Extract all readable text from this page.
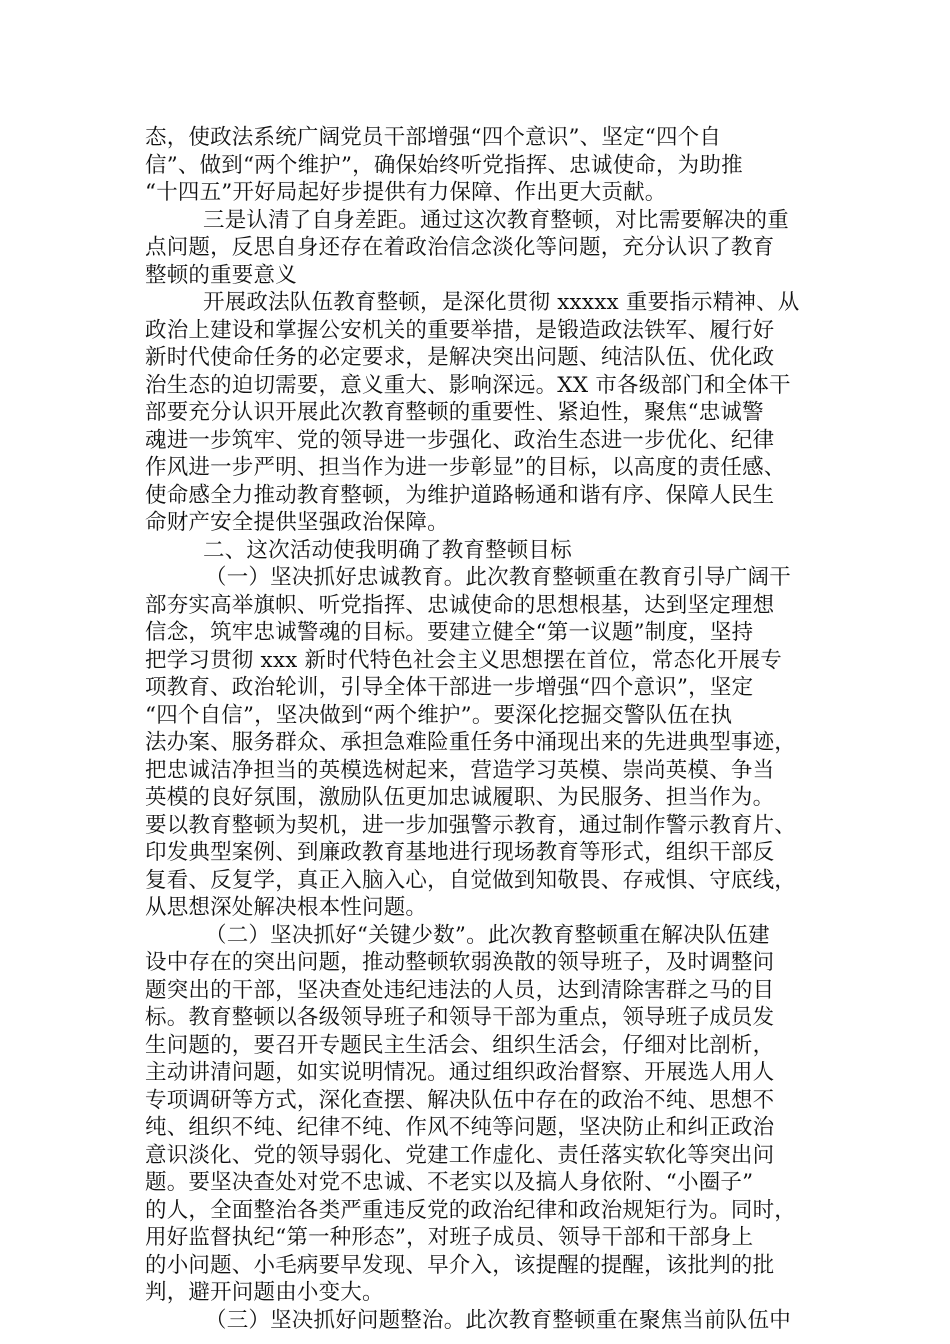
态，使政法系统广阔党员干部增强“四个意识”、坚定“四个自
信”、做到“两个维护”，确保始终听党指挥、忠诚使命，为助推
“十四五”开好局起好步提供有力保障、作出更大贡献。
三是认清了自身差距。通过这次教育整顿，对比需要解决的重
点问题，反思自身还存在着政治信念淡化等问题，充分认识了教育
整顿的重要意义
开展政法队伍教育整顿，是深化贯彻 xxxxx 重要指示精神、从
政治上建设和掌握公安机关的重要举措，是锻造政法铁军、履行好
新时代使命任务的必定要求，是解决突出问题、纯洁队伍、优化政
治生态的迫切需要，意义重大、影响深远。XX 市各级部门和全体干
部要充分认识开展此次教育整顿的重要性、紧迫性，聚焦“忠诚警
魂进一步筑牢、党的领导进一步强化、政治生态进一步优化、纪律
作风进一步严明、担当作为进一步彰显”的目标，以高度的责任感、
使命感全力推动教育整顿，为维护道路畅通和谐有序、保障人民生
命财产安全提供坚强政治保障。
二、这次活动使我明确了教育整顿目标
（一）坚决抓好忠诚教育。此次教育整顿重在教育引导广阔干
部夯实高举旗帜、听党指挥、忠诚使命的思想根基，达到坚定理想
信念，筑牢忠诚警魂的目标。要建立健全“第一议题”制度，坚持
把学习贯彻 xxx 新时代特色社会主义思想摆在首位，常态化开展专
项教育、政治轮训，引导全体干部进一步增强“四个意识”，坚定
“四个自信”，坚决做到“两个维护”。要深化挖掘交警队伍在执
法办案、服务群众、承担急难险重任务中涌现出来的先进典型事迹，
把忠诚洁净担当的英模选树起来，营造学习英模、崇尚英模、争当
英模的良好氛围，激励队伍更加忠诚履职、为民服务、担当作为。
要以教育整顿为契机，进一步加强警示教育，通过制作警示教育片、
印发典型案例、到廉政教育基地进行现场教育等形式，组织干部反
复看、反复学，真正入脑入心，自觉做到知敬畏、存戒惧、守底线，
从思想深处解决根本性问题。
（二）坚决抓好“关键少数”。此次教育整顿重在解决队伍建
设中存在的突出问题，推动整顿软弱涣散的领导班子，及时调整问
题突出的干部，坚决查处违纪违法的人员，达到清除害群之马的目
标。教育整顿以各级领导班子和领导干部为重点，领导班子成员发
生问题的，要召开专题民主生活会、组织生活会，仔细对比剖析，
主动讲清问题，如实说明情况。通过组织政治督察、开展选人用人
专项调研等方式，深化查摆、解决队伍中存在的政治不纯、思想不
纯、组织不纯、纪律不纯、作风不纯等问题，坚决防止和纠正政治
意识淡化、党的领导弱化、党建工作虚化、责任落实软化等突出问
题。要坚决查处对党不忠诚、不老实以及搞人身依附、“小圈子”
的人，全面整治各类严重违反党的政治纪律和政治规矩行为。同时，
用好监督执纪“第一种形态”，对班子成员、领导干部和干部身上
的小问题、小毛病要早发现、早介入，该提醒的提醒，该批判的批
判，避开问题由小变大。
（三）坚决抓好问题整治。此次教育整顿重在聚焦当前队伍中
